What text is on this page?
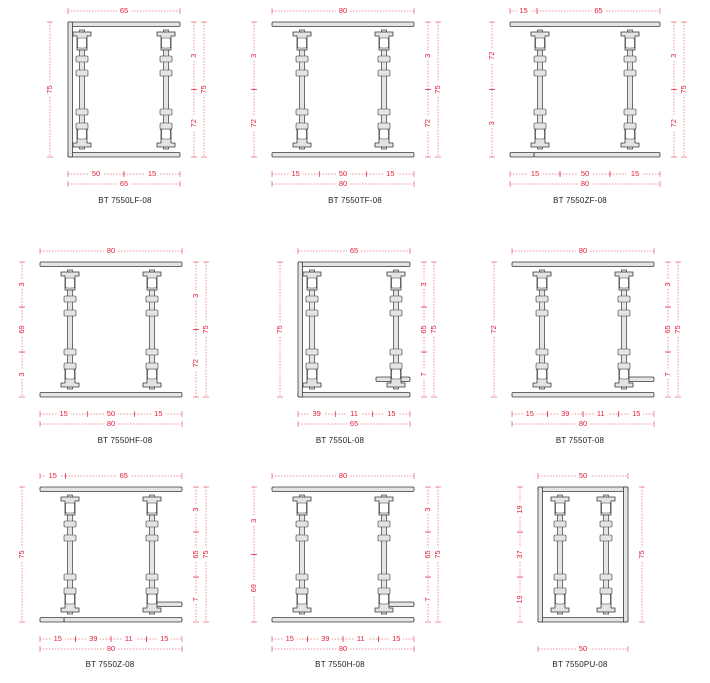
65
50	15
65
75	75
3
72
80
15	50	15
80
3
72
75
3
72
15	65
15	50	15
80
72
3
75
3
72
80
15	50	15
80
3
69
3
75
3
72
65
39	11	15
65
75	75
3
65
7
80
15	39	11	15
80
72	75
3
65
7
15	65
15	39	11	15
80
75	75
3
65
7
80
15	39	11	15
80
3
69
75
3
65
7
50
50
19
37
19
75
BT 7550LF-08	BT 7550TF-08	BT 7550ZF-08
BT 7550HF-08	BT 7550L-08	BT 7550T-08
BT 7550Z-08	BT 7550H-08	BT 7550PU-08
